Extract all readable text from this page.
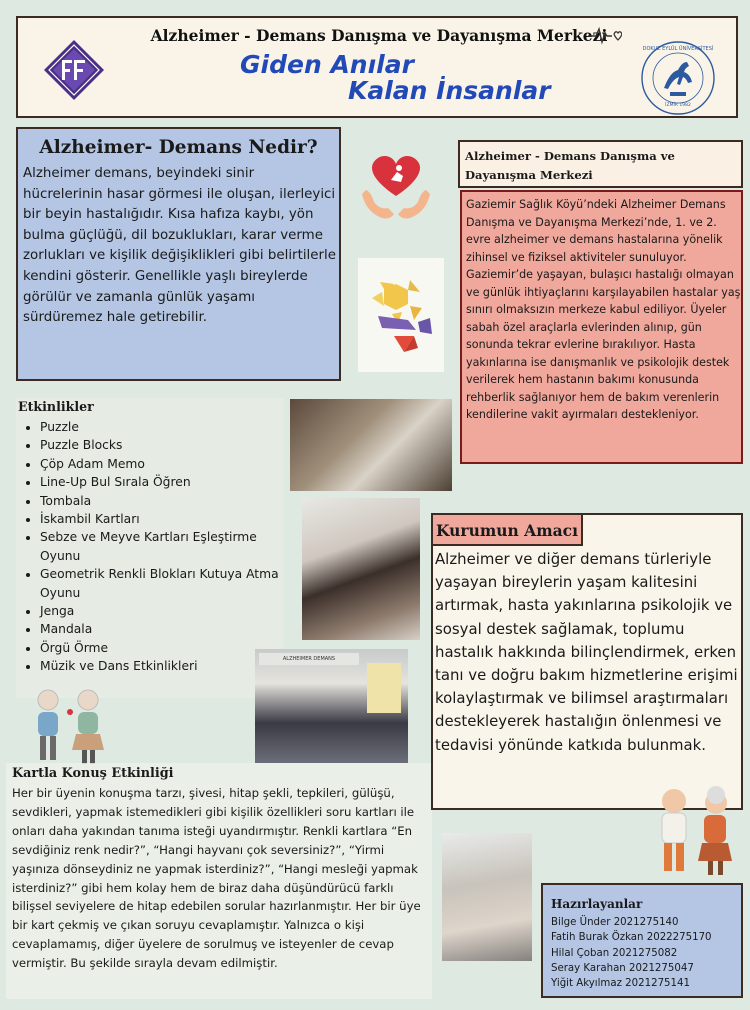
Alzheimer - Demans Danışma ve Dayanışma Merkezi
Giden Anılar
Kalan İnsanlar
DOKUZ EYLÜL ÜNİVERSİTESİ
İZMİR 1982
Alzheimer- Demans Nedir?
Alzheimer demans, beyindeki sinir hücrelerinin hasar görmesi ile oluşan, ilerleyici bir beyin hastalığıdır. Kısa hafıza kaybı, yön bulma güçlüğü, dil bozuklukları, karar verme zorlukları ve kişilik değişiklikleri gibi belirtilerle kendini gösterir. Genellikle yaşlı bireylerde görülür ve zamanla günlük yaşamı sürdüremez hale getirebilir.
Alzheimer - Demans Danışma ve Dayanışma Merkezi
Gaziemir Sağlık Köyü’ndeki Alzheimer Demans Danışma ve Dayanışma Merkezi’nde, 1. ve 2. evre alzheimer ve demans hastalarına yönelik zihinsel ve fiziksel aktiviteler sunuluyor. Gaziemir’de yaşayan, bulaşıcı hastalığı olmayan ve günlük ihtiyaçlarını karşılayabilen hastalar yaş sınırı olmaksızın merkeze kabul ediliyor. Üyeler sabah özel araçlarla evlerinden alınıp, gün sonunda tekrar evlerine bırakılıyor. Hasta yakınlarına ise danışmanlık ve psikolojik destek verilerek hem hastanın bakımı konusunda rehberlik sağlanıyor hem de bakım verenlerin kendilerine vakit ayırmaları destekleniyor.
Etkinlikler
• Puzzle
• Puzzle Blocks
• Çöp Adam Memo
• Line-Up Bul Sırala Öğren
• Tombala
• İskambil Kartları
• Sebze ve Meyve Kartları Eşleştirme Oyunu
• Geometrik Renkli Blokları Kutuya Atma Oyunu
• Jenga
• Mandala
• Örgü Örme
• Müzik ve Dans Etkinlikleri
ALZHEIMER DEMANS
Kartla Konuş Etkinliği
Her bir üyenin konuşma tarzı, şivesi, hitap şekli, tepkileri, gülüşü, sevdikleri, yapmak istemedikleri gibi kişilik özellikleri soru kartları ile onları daha yakından tanıma isteği uyandırmıştır. Renkli kartlara “En sevdiğiniz renk nedir?”, “Hangi hayvanı çok seversiniz?”, “Yirmi yaşınıza dönseydiniz ne yapmak isterdiniz?”, “Hangi mesleği yapmak isterdiniz?” gibi hem kolay hem de biraz daha düşündürücü farklı bilişsel seviyelere de hitap edebilen sorular hazırlanmıştır. Her bir üye bir kart çekmiş ve çıkan soruyu cevaplamıştır. Yalnızca o kişi cevaplamamış, diğer üyelere de sorulmuş ve isteyenler de cevap vermiştir. Bu şekilde sırayla devam edilmiştir.
Kurumun Amacı
Alzheimer ve diğer demans türleriyle yaşayan bireylerin yaşam kalitesini artırmak, hasta yakınlarına psikolojik ve sosyal destek sağlamak, toplumu hastalık hakkında bilinçlendirmek, erken tanı ve doğru bakım hizmetlerine erişimi kolaylaştırmak ve bilimsel araştırmaları destekleyerek hastalığın önlenmesi ve tedavisi yönünde katkıda bulunmak.
Hazırlayanlar
Bilge Ünder 2021275140
Fatih Burak Özkan 2022275170
Hilal Çoban 2021275082
Seray Karahan 2021275047
Yiğit Akyılmaz 2021275141
